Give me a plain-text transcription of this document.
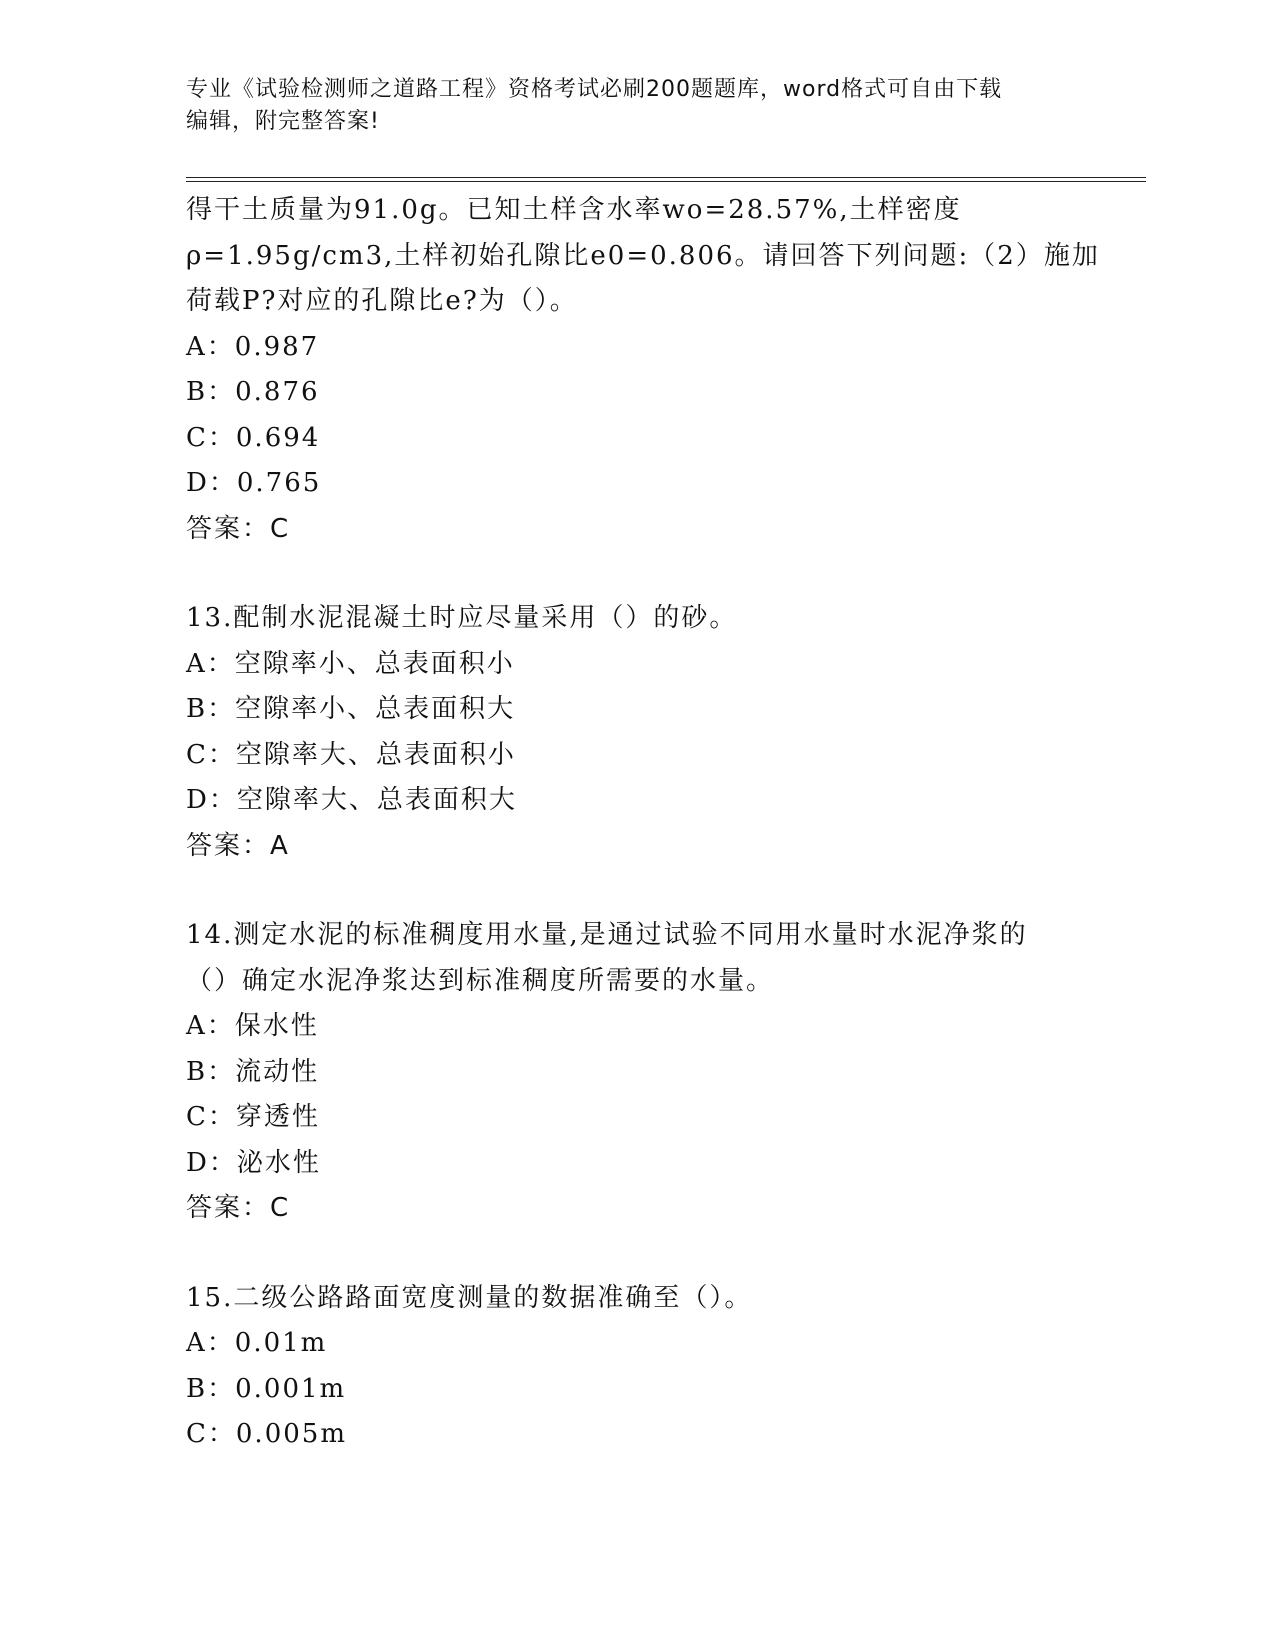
专业《试验检测师之道路工程》资格考试必刷200题题库，word格式可自由下载
编辑，附完整答案!
得干土质量为91.0g。已知土样含水率wo=28.57%,土样密度
ρ=1.95g/cm3,土样初始孔隙比e0=0.806。请回答下列问题:（2）施加
荷载P?对应的孔隙比e?为（）。
A：0.987
B：0.876
C：0.694
D：0.765
答案：C
13.配制水泥混凝土时应尽量采用（）的砂。
A：空隙率小、总表面积小
B：空隙率小、总表面积大
C：空隙率大、总表面积小
D：空隙率大、总表面积大
答案：A
14.测定水泥的标准稠度用水量,是通过试验不同用水量时水泥净浆的
（）确定水泥净浆达到标准稠度所需要的水量。
A：保水性
B：流动性
C：穿透性
D：泌水性
答案：C
15.二级公路路面宽度测量的数据准确至（）。
A：0.01m
B：0.001m
C：0.005m
